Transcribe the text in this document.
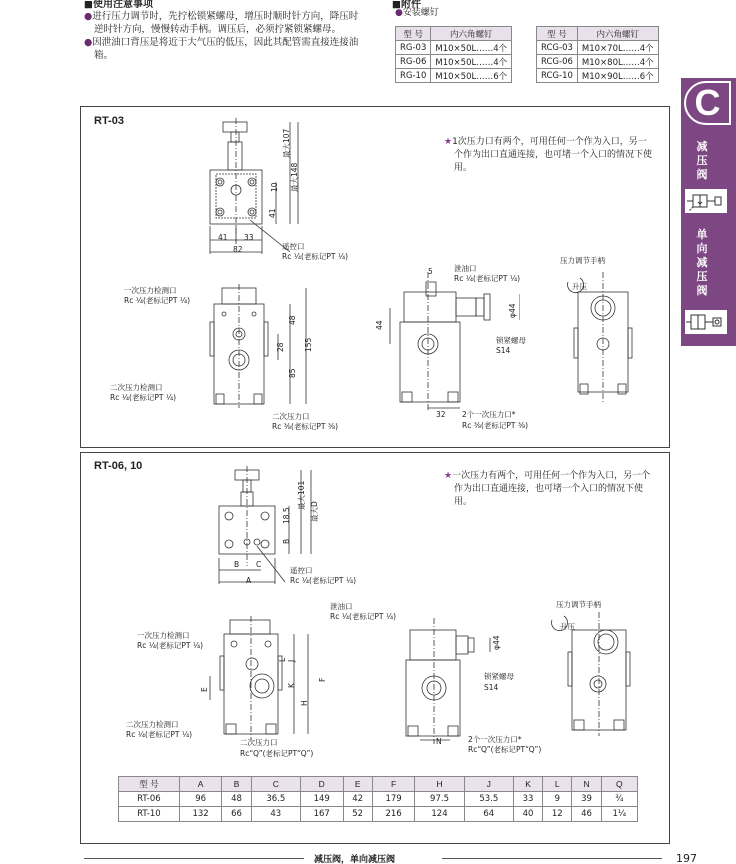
■使用注意事项
●进行压力调节时，先拧松锁紧螺母，增压时顺时针方向，降压时逆时针方向，慢慢转动手柄。调压后，必须拧紧锁紧螺母。
●因泄油口背压是将近于大气压的低压，因此其配管需直接连接油箱。
■附件
●安装螺钉
型 号	内六角螺钉
RG-03	M10×50L……4个
RG-06	M10×50L……4个
RG-10	M10×50L……6个
型 号	内六角螺钉
RCG-03	M10×70L……4个
RCG-06	M10×80L……4个
RCG-10	M10×90L……6个
C
减压阀
单向减压阀
RT-03
★1次压力口有两个，可用任何一个作为入口，另一个作为出口直通连接，也可堵一个入口的情况下使用。
最大107
最大148
10
41
41 33
82	遥控口
Rc ¹⁄₄(老标记PT ¹⁄₄)
一次压力检测口
Rc ¹⁄₄(老标记PT ¹⁄₄)
二次压力检测口
Rc ¹⁄₄(老标记PT ¹⁄₄)
48
28	155
85
二次压力口
Rc ³⁄₈(老标记PT ³⁄₈)
5	泄油口
Rc ¹⁄₄(老标记PT ¹⁄₄)
44
φ44
锁紧螺母
S14
32 2个一次压力口*
Rc ³⁄₈(老标记PT ³⁄₈)
压力调节手柄
升压
RT-06, 10
★一次压力有两个，可用任何一个作为入口，另一个作为出口直通连接，也可堵一个入口的情况下使用。
最大101
最大D
18.5
B
B C
A
遥控口
Rc ¹⁄₄(老标记PT ¹⁄₄)
一次压力检测口
Rc ¹⁄₄(老标记PT ¹⁄₄)
二次压力检测口
Rc ¹⁄₄(老标记PT ¹⁄₄)
J
L
K
F
E
H
二次压力口
Rc“Q”(老标记PT“Q”)
泄油口
Rc ¹⁄₄(老标记PT ¹⁄₄)
φ44
锁紧螺母
S14
N	2个一次压力口*
Rc“Q”(老标记PT“Q”)
压力调节手柄
升压
型 号	A	B	C	D	E	F	H	J	K	L	N	Q
RT-06	96	48	36.5	149	42	179	97.5	53.5	33	9	39	³⁄₄
RT-10	132	66	43	167	52	216	124	64	40	12	46	1¹⁄₄
减压阀，单向减压阀	197
